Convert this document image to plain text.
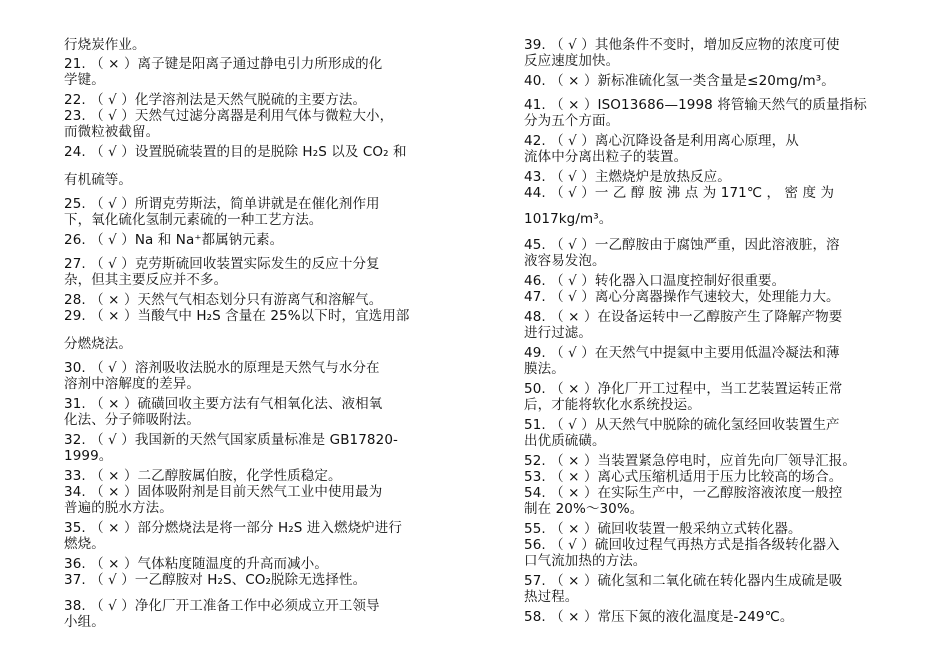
行烧炭作业。
21. （ × ）离子键是阳离子通过静电引力所形成的化
学键。
22. （ √ ）化学溶剂法是天然气脱硫的主要方法。
23. （ √ ）天然气过滤分离器是利用气体与微粒大小，
而微粒被截留。
24. （ √ ）设置脱硫装置的目的是脱除 H₂S 以及 CO₂ 和
有机硫等。
25. （ √ ）所谓克劳斯法，简单讲就是在催化剂作用
下，氧化硫化氢制元素硫的一种工艺方法。
26. （ √ ）Na 和 Na⁺都属钠元素。
27. （ √ ）克劳斯硫回收装置实际发生的反应十分复
杂，但其主要反应并不多。
28. （ × ）天然气气相态划分只有游离气和溶解气。
29. （ × ）当酸气中 H₂S 含量在 25%以下时，宜选用部
分燃烧法。
30. （ √ ）溶剂吸收法脱水的原理是天然气与水分在
溶剂中溶解度的差异。
31. （ × ）硫磺回收主要方法有气相氧化法、液相氧
化法、分子筛吸附法。
32. （ √ ）我国新的天然气国家质量标准是 GB17820-
1999。
33. （ × ）二乙醇胺属伯胺，化学性质稳定。
34. （ × ）固体吸附剂是目前天然气工业中使用最为
普遍的脱水方法。
35. （ × ）部分燃烧法是将一部分 H₂S 进入燃烧炉进行
燃烧。
36. （ × ）气体粘度随温度的升高而减小。
37. （ √ ）一乙醇胺对 H₂S、CO₂脱除无选择性。
38. （ √ ）净化厂开工准备工作中必须成立开工领导
小组。
39. （ √ ）其他条件不变时，增加反应物的浓度可使
反应速度加快。
40. （ × ）新标准硫化氢一类含量是≤20mg/m³。
41. （ × ）ISO13686—1998 将管输天然气的质量指标
分为五个方面。
42. （ √ ）离心沉降设备是利用离心原理，从
流体中分离出粒子的装置。
43. （ √ ）主燃烧炉是放热反应。
44. （ √ ）一 乙 醇 胺 沸 点 为 171℃ ， 密 度 为
1017kg/m³。
45. （ √ ）一乙醇胺由于腐蚀严重，因此溶液脏，溶
液容易发泡。
46. （ √ ）转化器入口温度控制好很重要。
47. （ √ ）离心分离器操作气速较大，处理能力大。
48. （ × ）在设备运转中一乙醇胺产生了降解产物要
进行过滤。
49. （ √ ）在天然气中提氦中主要用低温冷凝法和薄
膜法。
50. （ × ）净化厂开工过程中，当工艺装置运转正常
后，才能将软化水系统投运。
51. （ √ ）从天然气中脱除的硫化氢经回收装置生产
出优质硫磺。
52. （ × ）当装置紧急停电时，应首先向厂领导汇报。
53. （ × ）离心式压缩机适用于压力比较高的场合。
54. （ × ）在实际生产中，一乙醇胺溶液浓度一般控
制在 20%～30%。
55. （ × ）硫回收装置一般采纳立式转化器。
56. （ √ ）硫回收过程气再热方式是指各级转化器入
口气流加热的方法。
57. （ × ）硫化氢和二氧化硫在转化器内生成硫是吸
热过程。
58. （ × ）常压下氮的液化温度是-249℃。
